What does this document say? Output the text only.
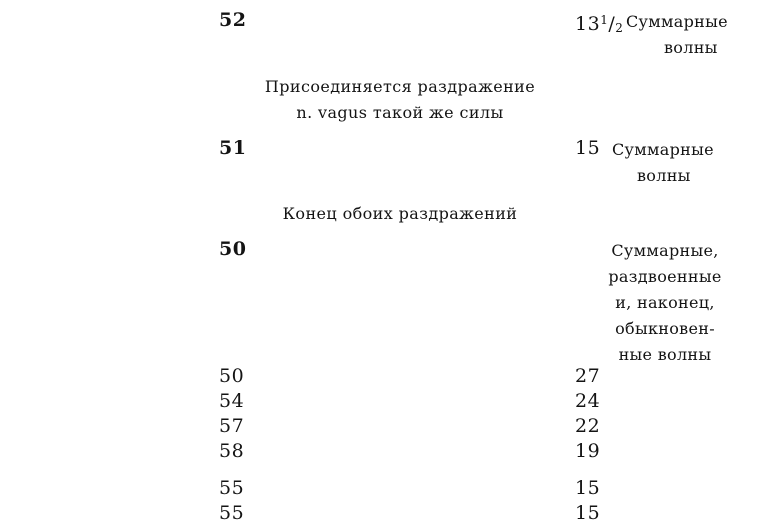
52	$13^1/2$ Суммарные
волны
Присоединяется раздражение
n. vagus такой же силы
51	15 Суммарные
волны
Конец обоих раздражений
50	Суммарные,
раздвоенные
и, наконец,
обыкновен-
ные волны
50	27
54	24
57	22
58	19
55	15
55	15
